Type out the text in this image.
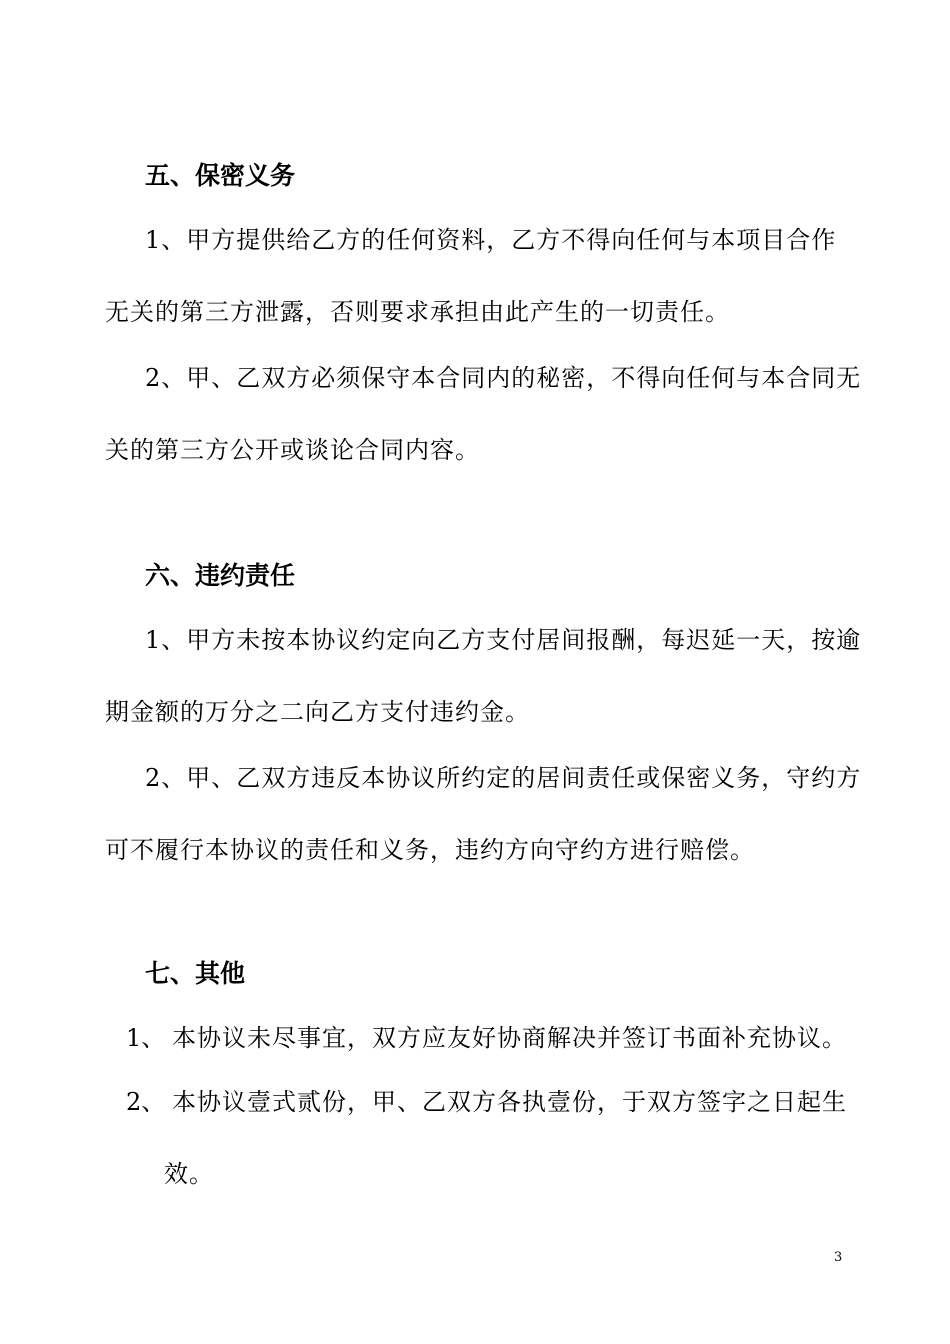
五、保密义务
1、甲方提供给乙方的任何资料，乙方不得向任何与本项目合作
无关的第三方泄露，否则要求承担由此产生的一切责任。
2、甲、乙双方必须保守本合同内的秘密，不得向任何与本合同无
关的第三方公开或谈论合同内容。
六、违约责任
1、甲方未按本协议约定向乙方支付居间报酬，每迟延一天，按逾
期金额的万分之二向乙方支付违约金。
2、甲、乙双方违反本协议所约定的居间责任或保密义务，守约方
可不履行本协议的责任和义务，违约方向守约方进行赔偿。
七、其他
1、 本协议未尽事宜，双方应友好协商解决并签订书面补充协议。
2、 本协议壹式贰份，甲、乙双方各执壹份，于双方签字之日起生
效。
3
